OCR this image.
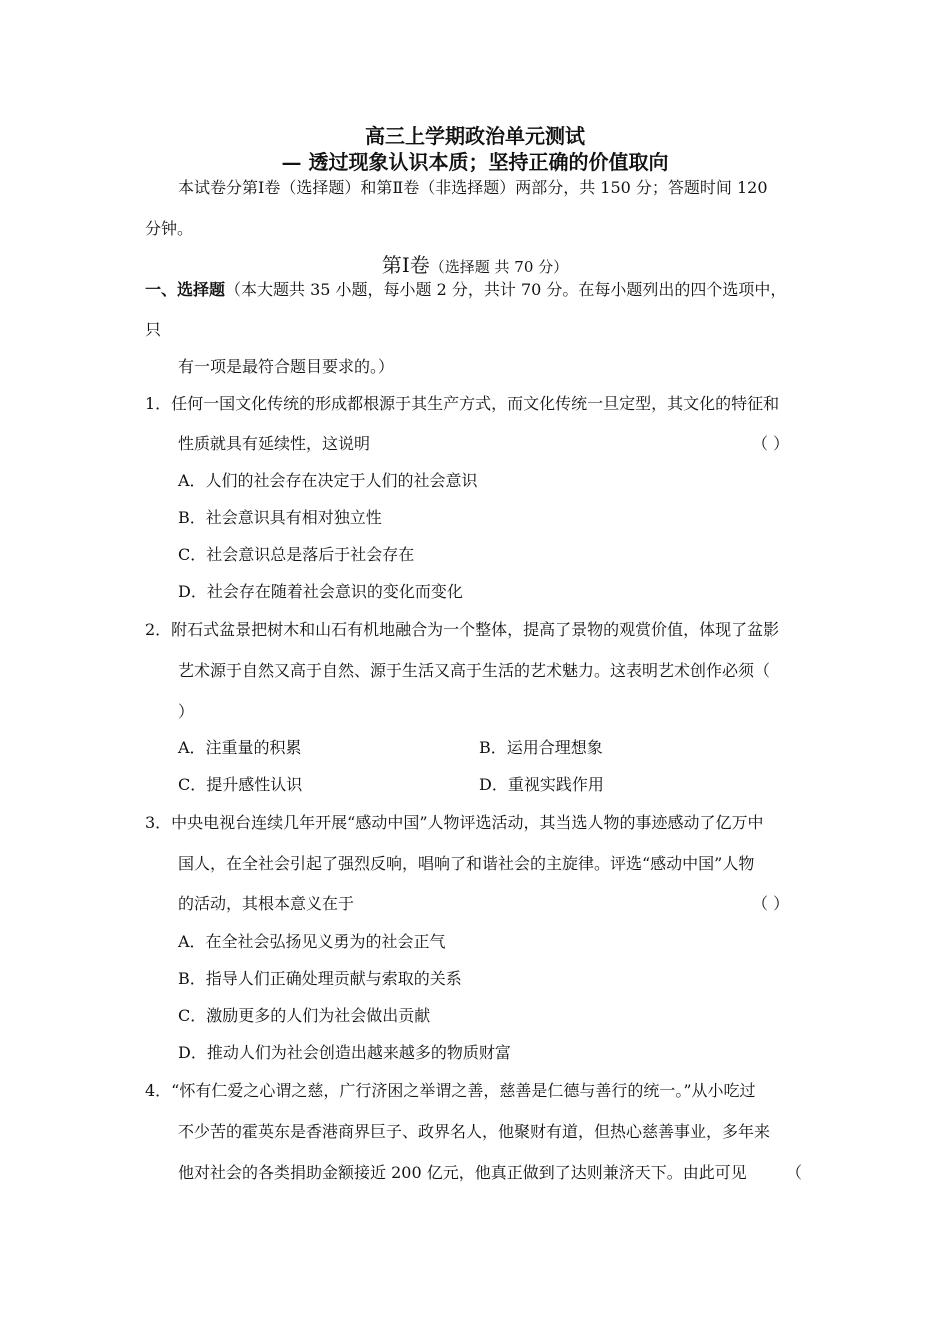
高三上学期政治单元测试
— 透过现象认识本质；坚持正确的价值取向
本试卷分第Ⅰ卷（选择题）和第Ⅱ卷（非选择题）两部分，共 150 分；答题时间 120
分钟。
第Ⅰ卷（选择题 共 70 分）
一、选择题（本大题共 35 小题，每小题 2 分，共计 70 分。在每小题列出的四个选项中，
只
有一项是最符合题目要求的。）
1．任何一国文化传统的形成都根源于其生产方式，而文化传统一旦定型，其文化的特征和
性质就具有延续性，这说明	（ ）
A．人们的社会存在决定于人们的社会意识
B．社会意识具有相对独立性
C．社会意识总是落后于社会存在
D．社会存在随着社会意识的变化而变化
2．附石式盆景把树木和山石有机地融合为一个整体，提高了景物的观赏价值，体现了盆影
艺术源于自然又高于自然、源于生活又高于生活的艺术魅力。这表明艺术创作必须（
）
A．注重量的积累	B．运用合理想象
C．提升感性认识	D．重视实践作用
3．中央电视台连续几年开展“感动中国”人物评选活动，其当选人物的事迹感动了亿万中
国人，在全社会引起了强烈反响，唱响了和谐社会的主旋律。评选“感动中国”人物
的活动，其根本意义在于	（ ）
A．在全社会弘扬见义勇为的社会正气
B．指导人们正确处理贡献与索取的关系
C．激励更多的人们为社会做出贡献
D．推动人们为社会创造出越来越多的物质财富
4．“怀有仁爱之心谓之慈，广行济困之举谓之善，慈善是仁德与善行的统一。”从小吃过
不少苦的霍英东是香港商界巨子、政界名人，他聚财有道，但热心慈善事业，多年来
他对社会的各类捐助金额接近 200 亿元，他真正做到了达则兼济天下。由此可见 （
